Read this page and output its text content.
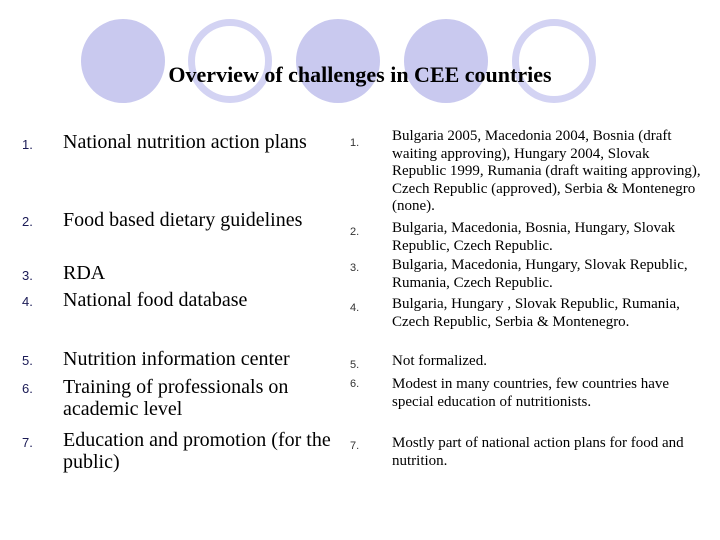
Overview of challenges in CEE countries
1. National nutrition action plans
2. Food based dietary guidelines
3. RDA
4. National food database
5. Nutrition information center
6. Training of professionals on academic level
7. Education and promotion (for the public)
1. Bulgaria 2005, Macedonia 2004, Bosnia (draft waiting approving), Hungary 2004, Slovak Republic 1999, Rumania (draft waiting approving), Czech Republic (approved), Serbia & Montenegro (none).
2. Bulgaria, Macedonia, Bosnia, Hungary, Slovak Republic, Czech Republic.
3. Bulgaria, Macedonia, Hungary, Slovak Republic, Rumania, Czech Republic.
4. Bulgaria, Hungary , Slovak Republic, Rumania, Czech Republic, Serbia & Montenegro.
5. Not formalized.
6. Modest in many countries, few countries have special education of nutritionists.
7. Mostly part of national action plans for food and nutrition.
